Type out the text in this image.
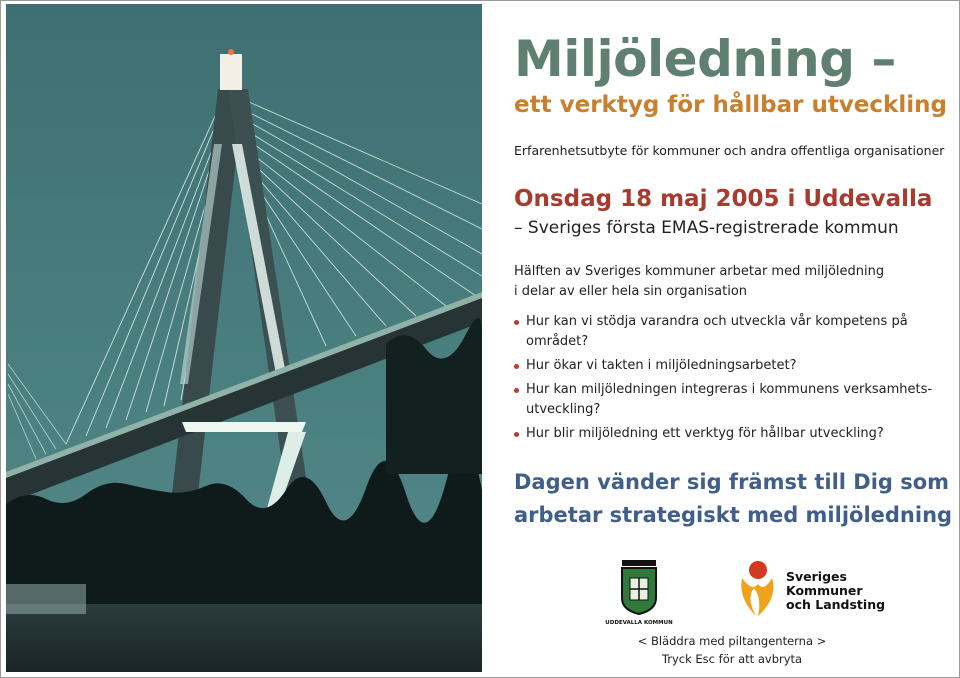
Miljöledning –
ett verktyg för hållbar utveckling
Erfarenhetsutbyte för kommuner och andra offentliga organisationer
Onsdag 18 maj 2005 i Uddevalla
– Sveriges första EMAS-registrerade kommun
Hälften av Sveriges kommuner arbetar med miljöledning
i delar av eller hela sin organisation
Hur kan vi stödja varandra och utveckla vår kompetens på
området?
Hur ökar vi takten i miljöledningsarbetet?
Hur kan miljöledningen integreras i kommunens verksamhets-
utveckling?
Hur blir miljöledning ett verktyg för hållbar utveckling?
Dagen vänder sig främst till Dig som
arbetar strategiskt med miljöledning
UDDEVALLA KOMMUN
Sveriges
Kommuner
och Landsting
< Bläddra med piltangenterna >
Tryck Esc för att avbryta
